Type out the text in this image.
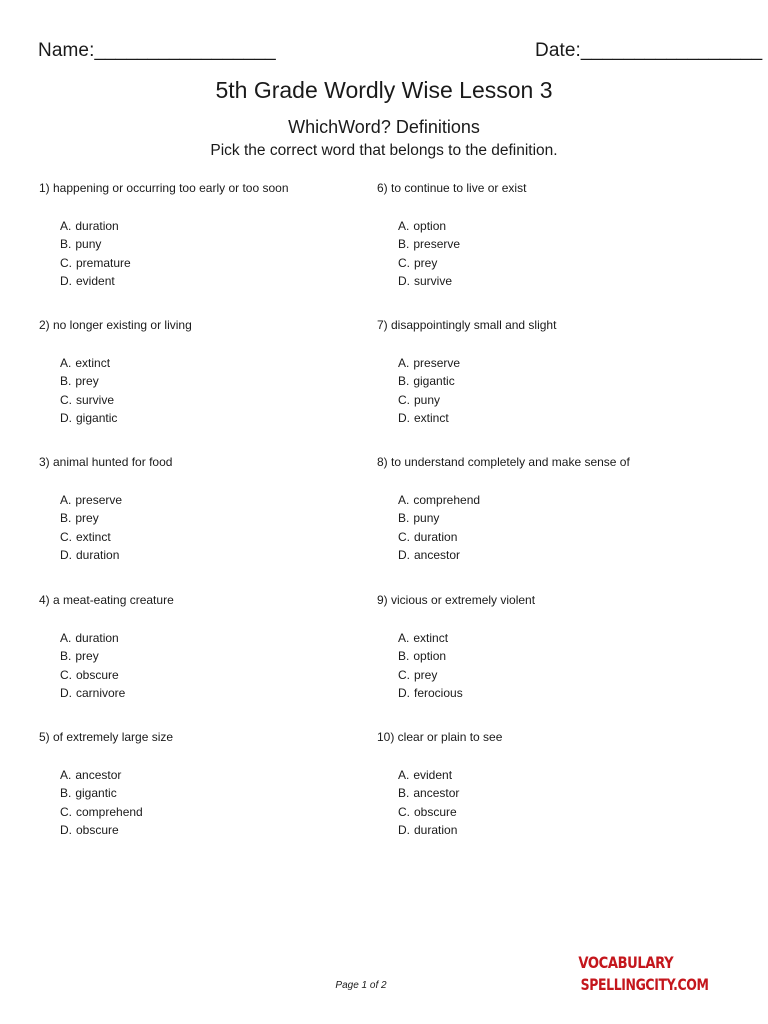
Name:_________________	Date:_________________
5th Grade Wordly Wise Lesson 3
WhichWord? Definitions
Pick the correct word that belongs to the definition.
1) happening or occurring too early or too soon
A. duration
B. puny
C. premature
D. evident
2) no longer existing or living
A. extinct
B. prey
C. survive
D. gigantic
3) animal hunted for food
A. preserve
B. prey
C. extinct
D. duration
4) a meat-eating creature
A. duration
B. prey
C. obscure
D. carnivore
5) of extremely large size
A. ancestor
B. gigantic
C. comprehend
D. obscure
6) to continue to live or exist
A. option
B. preserve
C. prey
D. survive
7) disappointingly small and slight
A. preserve
B. gigantic
C. puny
D. extinct
8) to understand completely and make sense of
A. comprehend
B. puny
C. duration
D. ancestor
9) vicious or extremely violent
A. extinct
B. option
C. prey
D. ferocious
10) clear or plain to see
A. evident
B. ancestor
C. obscure
D. duration
Page 1 of 2
VOCABULARY
SPELLINGCITY.COM
